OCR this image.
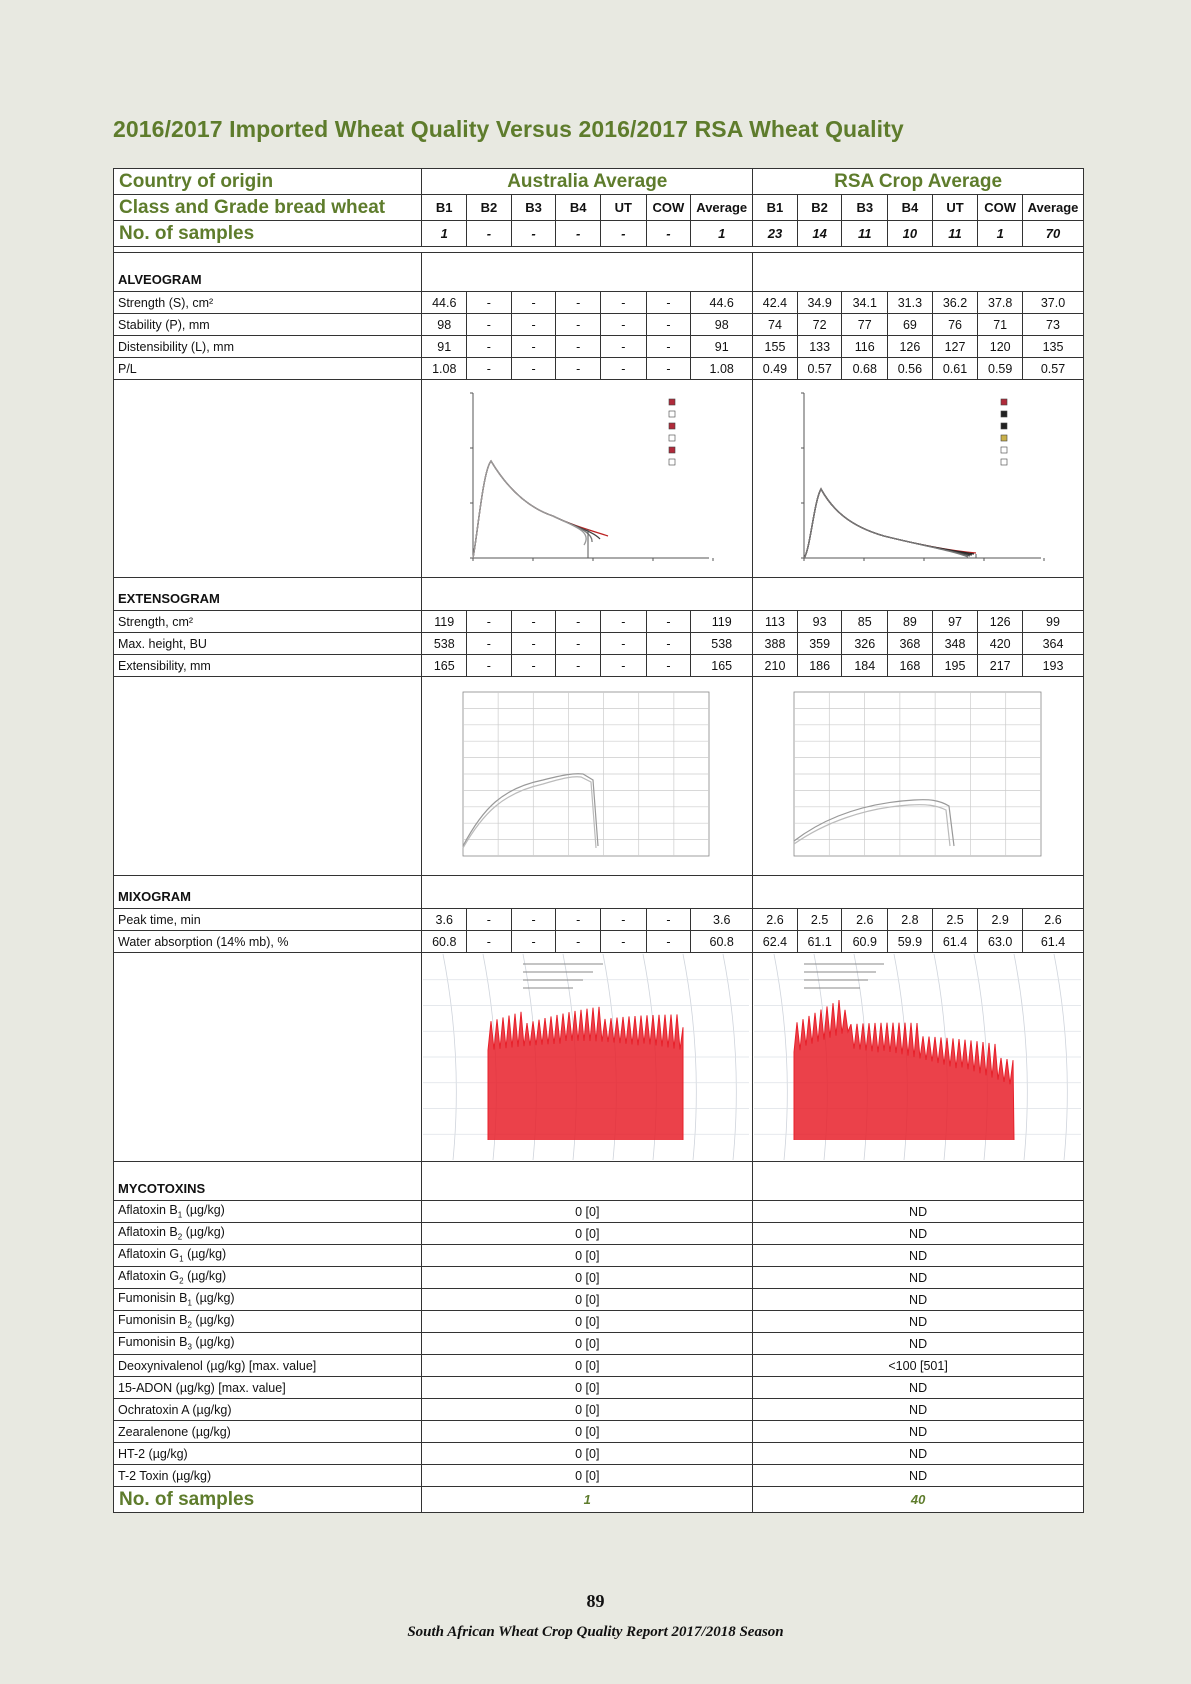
2016/2017 Imported Wheat Quality Versus 2016/2017 RSA Wheat Quality
Country of origin	Australia Average							RSA Crop Average						
Class and Grade bread wheat	B1	B2	B3	B4	UT	COW	Average	B1	B2	B3	B4	UT	COW	Average
No. of samples	1	-	-	-	-	-	1	23	14	11	10	11	1	70

ALVEOGRAM														
Strength (S), cm²	44.6	-	-	-	-	-	44.6	42.4	34.9	34.1	31.3	36.2	37.8	37.0
Stability (P), mm	98	-	-	-	-	-	98	74	72	77	69	76	71	73
Distensibility (L), mm	91	-	-	-	-	-	91	155	133	116	126	127	120	135
P/L	1.08	-	-	-	-	-	1.08	0.49	0.57	0.68	0.56	0.61	0.59	0.57

EXTENSOGRAM														
Strength, cm²	119	-	-	-	-	-	119	113	93	85	89	97	126	99
Max. height, BU	538	-	-	-	-	-	538	388	359	326	368	348	420	364
Extensibility, mm	165	-	-	-	-	-	165	210	186	184	168	195	217	193

MIXOGRAM														
Peak time, min	3.6	-	-	-	-	-	3.6	2.6	2.5	2.6	2.8	2.5	2.9	2.6
Water absorption (14% mb), %	60.8	-	-	-	-	-	60.8	62.4	61.1	60.9	59.9	61.4	63.0	61.4

MYCOTOXINS														
Aflatoxin $B_1$ (µg/kg)	0 [0]							ND						
Aflatoxin $B_2$ (µg/kg)	0 [0]							ND						
Aflatoxin $G_1$ (µg/kg)	0 [0]							ND						
Aflatoxin $G_2$ (µg/kg)	0 [0]							ND						
Fumonisin $B_1$ (µg/kg)	0 [0]							ND						
Fumonisin $B_2$ (µg/kg)	0 [0]							ND						
Fumonisin $B_3$ (µg/kg)	0 [0]							ND						
Deoxynivalenol (µg/kg) [max. value]	0 [0]							<100 [501]						
15-ADON (µg/kg) [max. value]	0 [0]							ND						
Ochratoxin A (µg/kg)	0 [0]							ND						
Zearalenone (µg/kg)	0 [0]							ND						
HT-2 (µg/kg)	0 [0]							ND						
T-2 Toxin (µg/kg)	0 [0]							ND						
No. of samples	1							40						
89
South African Wheat Crop Quality Report 2017/2018 Season
